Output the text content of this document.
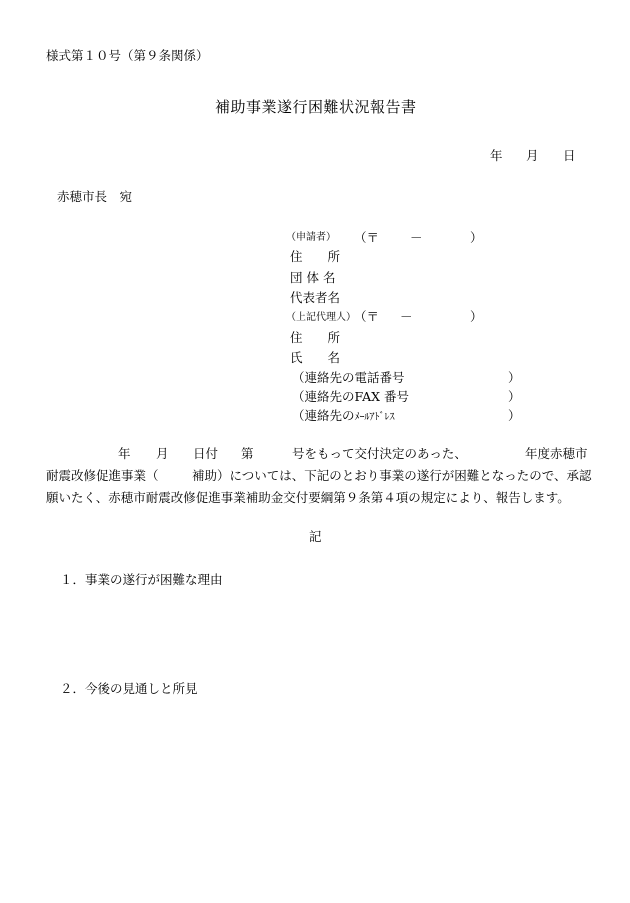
様式第１０号（第９条関係）
補助事業遂行困難状況報告書
年 月 日
赤穂市長　宛
（申請者） （〒 －	）
住　　所
団 体 名
代表者名
（上記代理人）
（〒 －	）
住　　所
氏　　名
（連絡先の電話番号	）
（連絡先のFAX 番号	）
（連絡先のﾒｰﾙｱﾄﾞﾚｽ	）
年 月 日付 第	号をもって交付決定のあった、	年度赤穂市
耐震改修促進事業（	補助）については、下記のとおり事業の遂行が困難となったので、承認
願いたく、赤穂市耐震改修促進事業補助金交付要綱第９条第４項の規定により、報告します。
記
１．事業の遂行が困難な理由
２．今後の見通しと所見
